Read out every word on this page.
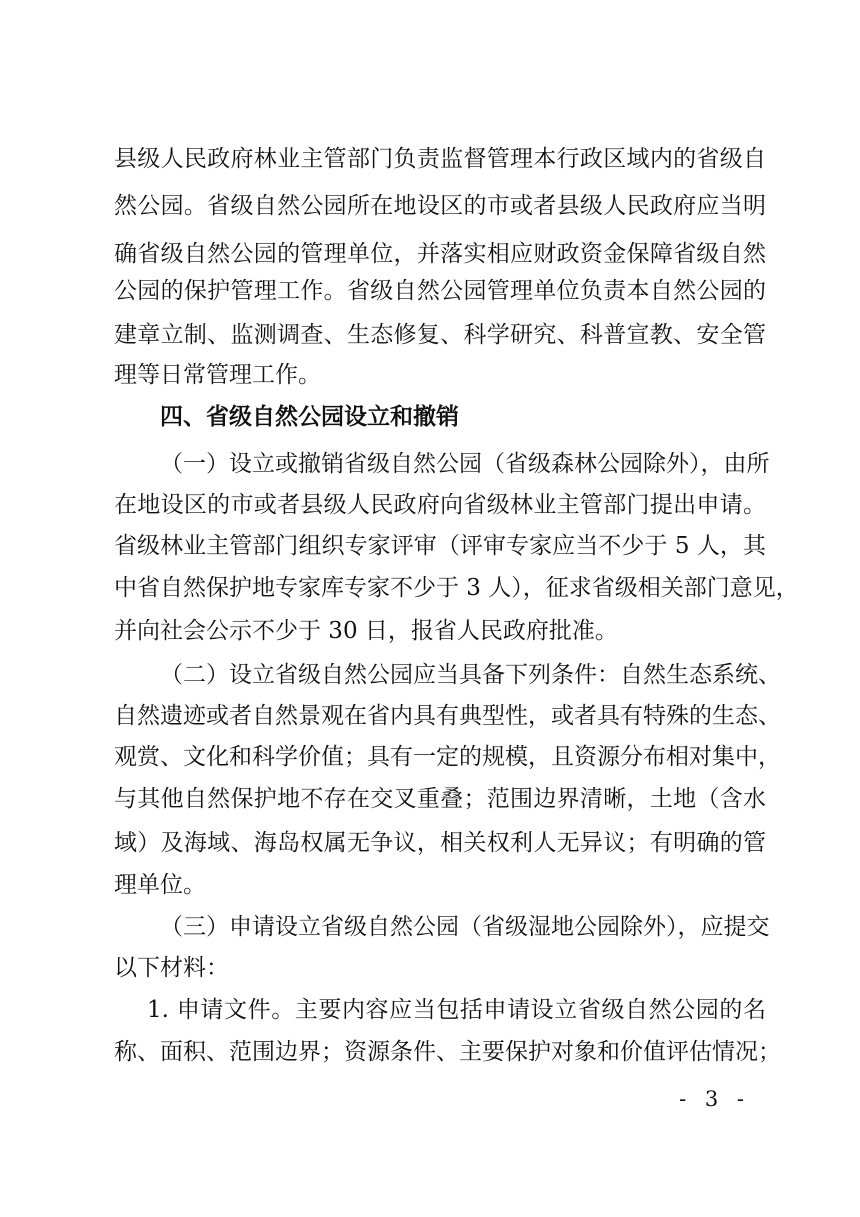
县级人民政府林业主管部门负责监督管理本行政区域内的省级自
然公园。省级自然公园所在地设区的市或者县级人民政府应当明
确省级自然公园的管理单位，并落实相应财政资金保障省级自然
公园的保护管理工作。省级自然公园管理单位负责本自然公园的
建章立制、监测调查、生态修复、科学研究、科普宣教、安全管
理等日常管理工作。
四、省级自然公园设立和撤销
（一）设立或撤销省级自然公园（省级森林公园除外），由所
在地设区的市或者县级人民政府向省级林业主管部门提出申请。
省级林业主管部门组织专家评审（评审专家应当不少于 5 人，其
中省自然保护地专家库专家不少于 3 人），征求省级相关部门意见，
并向社会公示不少于 30 日，报省人民政府批准。
（二）设立省级自然公园应当具备下列条件：自然生态系统、
自然遗迹或者自然景观在省内具有典型性，或者具有特殊的生态、
观赏、文化和科学价值；具有一定的规模，且资源分布相对集中，
与其他自然保护地不存在交叉重叠；范围边界清晰，土地（含水
域）及海域、海岛权属无争议，相关权利人无异议；有明确的管
理单位。
（三）申请设立省级自然公园（省级湿地公园除外），应提交
以下材料：
1. 申请文件。主要内容应当包括申请设立省级自然公园的名
称、面积、范围边界；资源条件、主要保护对象和价值评估情况；
- 3 -
